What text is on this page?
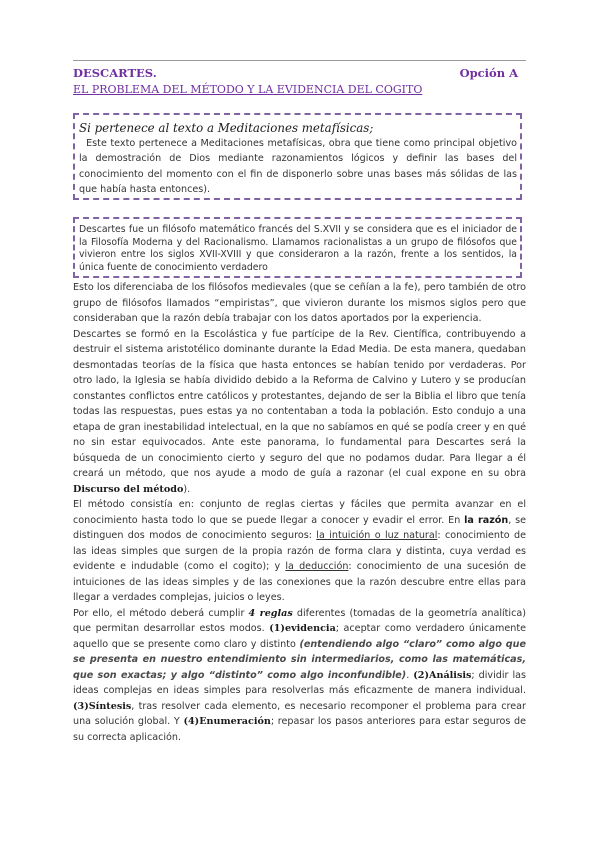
DESCARTES.	Opción A
EL PROBLEMA DEL MÉTODO Y LA EVIDENCIA DEL COGITO
Si pertenece al texto a Meditaciones metafísicas;
Este texto pertenece a Meditaciones metafísicas, obra que tiene como principal objetivo la demostración de Dios mediante razonamientos lógicos y definir las bases del conocimiento del momento con el fin de disponerlo sobre unas bases más sólidas de las que había hasta entonces).
Descartes fue un filósofo matemático francés del S.XVII y se considera que es el iniciador de la Filosofía Moderna y del Racionalismo. Llamamos racionalistas a un grupo de filósofos que vivieron entre los siglos XVII-XVIII y que consideraron a la razón, frente a los sentidos, la única fuente de conocimiento verdadero

Esto los diferenciaba de los filósofos medievales (que se ceñían a la fe), pero también de otro grupo de filósofos llamados “empiristas”, que vivieron durante los mismos siglos pero que consideraban que la razón debía trabajar con los datos aportados por la experiencia.

Descartes se formó en la Escolástica y fue partícipe de la Rev. Científica, contribuyendo a destruir el sistema aristotélico dominante durante la Edad Media. De esta manera, quedaban desmontadas teorías de la física que hasta entonces se habían tenido por verdaderas. Por otro lado, la Iglesia se había dividido debido a la Reforma de Calvino y Lutero y se producían constantes conflictos entre católicos y protestantes, dejando de ser la Biblia el libro que tenía todas las respuestas, pues estas ya no contentaban a toda la población. Esto condujo a una etapa de gran inestabilidad intelectual, en la que no sabíamos en qué se podía creer y en qué no sin estar equivocados. Ante este panorama, lo fundamental para Descartes será la búsqueda de un conocimiento cierto y seguro del que no podamos dudar. Para llegar a él creará un método, que nos ayude a modo de guía a razonar (el cual expone en su obra Discurso del método).

El método consistía en: conjunto de reglas ciertas y fáciles que permita avanzar en el conocimiento hasta todo lo que se puede llegar a conocer y evadir el error. En la razón, se distinguen dos modos de conocimiento seguros: la intuición o luz natural: conocimiento de las ideas simples que surgen de la propia razón de forma clara y distinta, cuya verdad es evidente e indudable (como el cogito); y la deducción: conocimiento de una sucesión de intuiciones de las ideas simples y de las conexiones que la razón descubre entre ellas para llegar a verdades complejas, juicios o leyes.

Por ello, el método deberá cumplir 4 reglas diferentes (tomadas de la geometría analítica) que permitan desarrollar estos modos. (1)evidencia; aceptar como verdadero únicamente aquello que se presente como claro y distinto (entendiendo algo “claro” como algo que se presenta en nuestro entendimiento sin intermediarios, como las matemáticas, que son exactas; y algo “distinto” como algo inconfundible). (2)Análisis; dividir las ideas complejas en ideas simples para resolverlas más eficazmente de manera individual. (3)Síntesis, tras resolver cada elemento, es necesario recomponer el problema para crear una solución global. Y (4)Enumeración; repasar los pasos anteriores para estar seguros de su correcta aplicación.
